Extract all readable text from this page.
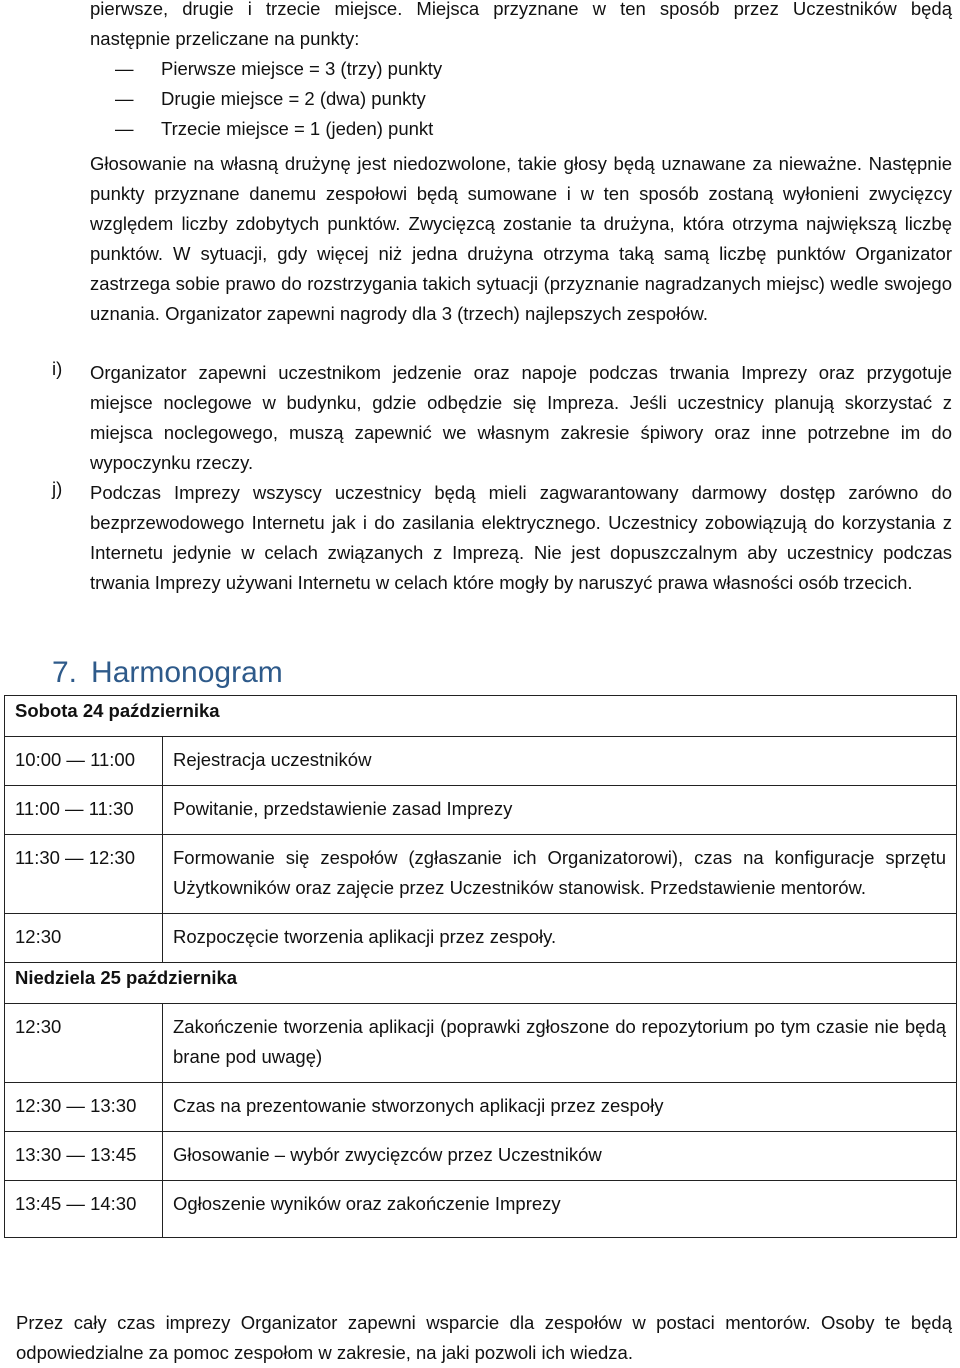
pierwsze, drugie i trzecie miejsce. Miejsca przyznane w ten sposób przez Uczestników będą
następnie przeliczane na punkty:
— Pierwsze miejsce = 3 (trzy) punkty
— Drugie miejsce = 2 (dwa) punkty
— Trzecie miejsce = 1 (jeden) punkt
Głosowanie na własną drużynę jest niedozwolone, takie głosy będą uznawane za nieważne. Następnie punkty przyznane danemu zespołowi będą sumowane i w ten sposób zostaną wyłonieni zwycięzcy względem liczby zdobytych punktów. Zwycięzcą zostanie ta drużyna, która otrzyma największą liczbę punktów. W sytuacji, gdy więcej niż jedna drużyna otrzyma taką samą liczbę punktów Organizator zastrzega sobie prawo do rozstrzygania takich sytuacji (przyznanie nagradzanych miejsc) wedle swojego uznania. Organizator zapewni nagrody dla 3 (trzech) najlepszych zespołów.
i) Organizator zapewni uczestnikom jedzenie oraz napoje podczas trwania Imprezy oraz przygotuje miejsce noclegowe w budynku, gdzie odbędzie się Impreza. Jeśli uczestnicy planują skorzystać z miejsca noclegowego, muszą zapewnić we własnym zakresie śpiwory oraz inne potrzebne im do wypoczynku rzeczy.
j) Podczas Imprezy wszyscy uczestnicy będą mieli zagwarantowany darmowy dostęp zarówno do bezprzewodowego Internetu jak i do zasilania elektrycznego. Uczestnicy zobowiązują do korzystania z Internetu jedynie w celach związanych z Imprezą. Nie jest dopuszczalnym aby uczestnicy podczas trwania Imprezy używani Internetu w celach które mogły by naruszyć prawa własności osób trzecich.
7. Harmonogram
Sobota 24 października	
10:00 — 11:00	Rejestracja uczestników
11:00 — 11:30	Powitanie, przedstawienie zasad Imprezy
11:30 — 12:30	Formowanie się zespołów (zgłaszanie ich Organizatorowi), czas na konfiguracje sprzętu Użytkowników oraz zajęcie przez Uczestników stanowisk. Przedstawienie mentorów.
12:30	Rozpoczęcie tworzenia aplikacji przez zespoły.
Niedziela 25 października	
12:30	Zakończenie tworzenia aplikacji (poprawki zgłoszone do repozytorium po tym czasie nie będą brane pod uwagę)
12:30 — 13:30	Czas na prezentowanie stworzonych aplikacji przez zespoły
13:30 — 13:45	Głosowanie – wybór zwycięzców przez Uczestników
13:45 — 14:30	Ogłoszenie wyników oraz zakończenie Imprezy
Przez cały czas imprezy Organizator zapewni wsparcie dla zespołów w postaci mentorów. Osoby te będą odpowiedzialne za pomoc zespołom w zakresie, na jaki pozwoli ich wiedza.
